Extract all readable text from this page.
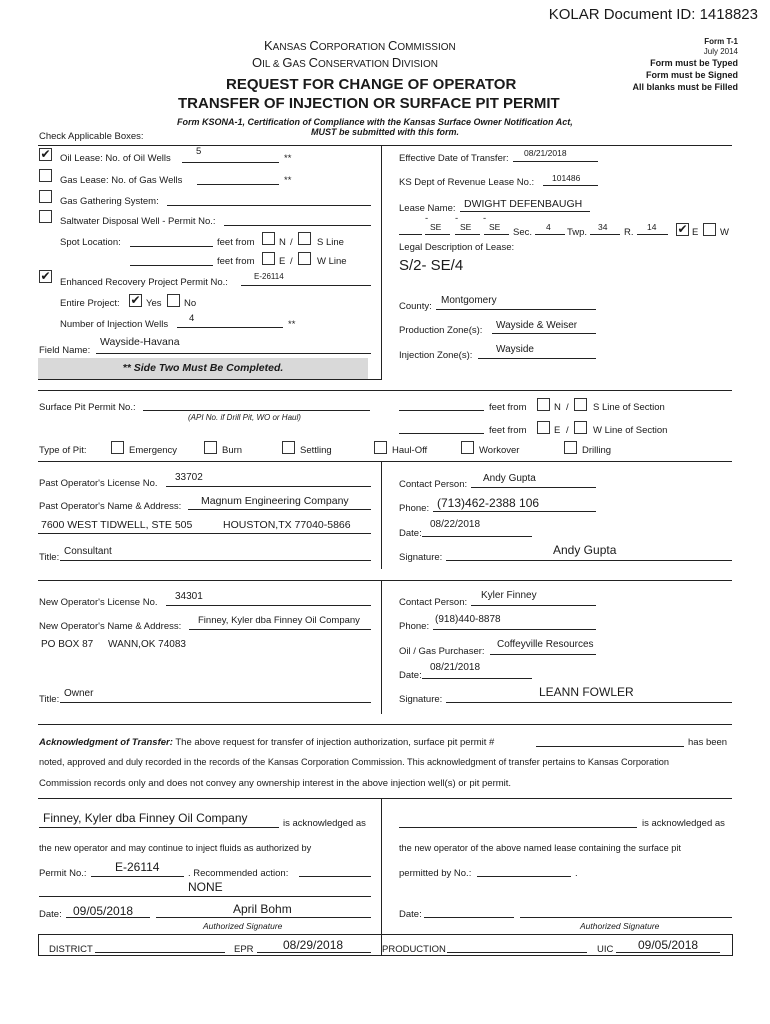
KOLAR Document ID: 1418823
KANSAS CORPORATION COMMISSION
OIL & GAS CONSERVATION DIVISION
REQUEST FOR CHANGE OF OPERATOR
TRANSFER OF INJECTION OR SURFACE PIT PERMIT
Form T-1
July 2014
Form must be Typed
Form must be Signed
All blanks must be Filled
Form KSONA-1, Certification of Compliance with the Kansas Surface Owner Notification Act,
MUST be submitted with this form.
Check Applicable Boxes:
✔ Oil Lease: No. of Oil Wells
5
**
Gas Lease: No. of Gas Wells	**
Gas Gathering System:
Saltwater Disposal Well - Permit No.:
Spot Location:	feet from	N /	S Line
feet from	E /	W Line
✔ Enhanced Recovery Project Permit No.:
E-26114
Entire Project: ✔ Yes No
Number of Injection Wells
4
**
Field Name:
Wayside-Havana
** Side Two Must Be Completed.
Effective Date of Transfer: 08/21/2018
KS Dept of Revenue Lease No.: 101486
Lease Name: DWIGHT DEFENBAUGH
-	-	-
SE SE SE Sec. 4 Twp. 34 R. 14 ✔ E W
Legal Description of Lease:
S/2- SE/4
County:
Montgomery
Production Zone(s): Wayside & Weiser
Injection Zone(s):
Wayside
Surface Pit Permit No.:
(API No. if Drill Pit, WO or Haul)
feet from	N /	S Line of Section
feet from	E /	W Line of Section
Type of Pit:	Emergency	Burn	Settling	Haul-Off	Workover	Drilling
Past Operator's License No.
33702
Past Operator's Name & Address: Magnum Engineering Company
7600 WEST TIDWELL, STE 505	HOUSTON,TX 77040-5866
Title:
Consultant
Contact Person:
Andy Gupta
Phone: (713)462-2388 106
Date:
08/22/2018
Signature:
Andy Gupta
New Operator's License No.
34301
New Operator's Name & Address:
Finney, Kyler dba Finney Oil Company
PO BOX 87 WANN,OK 74083
Title:
Owner
Contact Person:
Kyler Finney
Phone:
(918)440-8878
Oil / Gas Purchaser:
Coffeyville Resources
Date:
08/21/2018
Signature:
LEANN FOWLER
Acknowledgment of Transfer: The above request for transfer of injection authorization, surface pit permit #	has been
noted, approved and duly recorded in the records of the Kansas Corporation Commission. This acknowledgment of transfer pertains to Kansas Corporation
Commission records only and does not convey any ownership interest in the above injection well(s) or pit permit.
Finney, Kyler dba Finney Oil Company	is acknowledged as
the new operator and may continue to inject fluids as authorized by
Permit No.: E-26114	. Recommended action:
NONE
Date: 09/05/2018	April Bohm
Authorized Signature
is acknowledged as
the new operator of the above named lease containing the surface pit
permitted by No.:	.
Date:
Authorized Signature
DISTRICT	EPR 08/29/2018	PRODUCTION	UIC 09/05/2018
